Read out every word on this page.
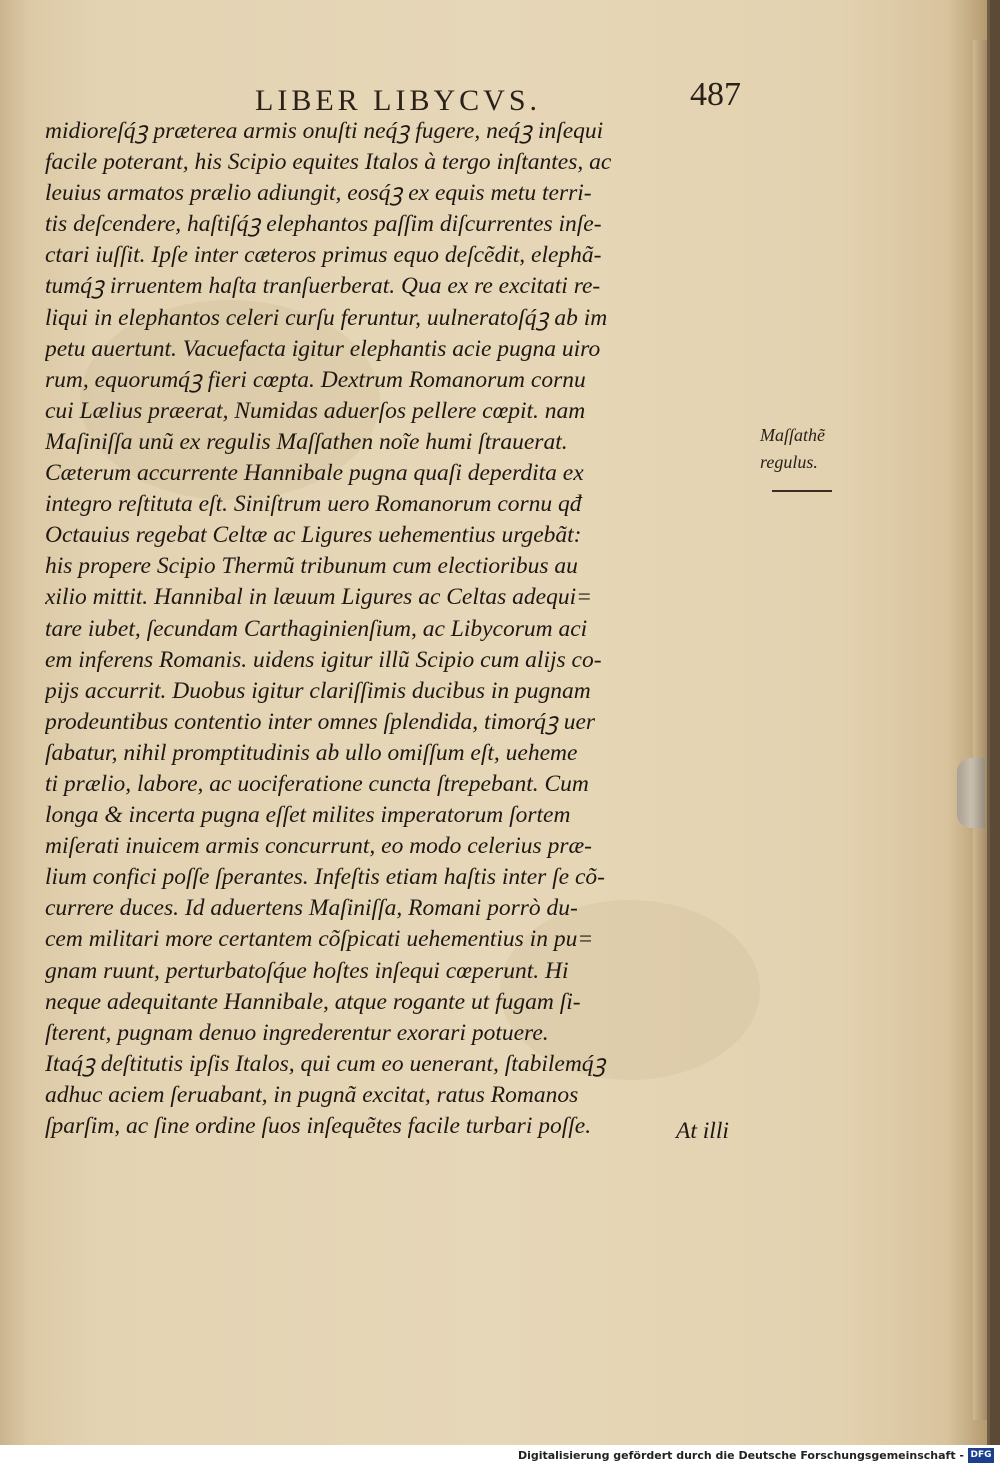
LIBER LIBYCVS.	487
midioreſq́ꝫ præterea armis onuſti neq́ꝫ fugere, neq́ꝫ inſequi
facile poterant, his Scipio equites Italos à tergo inſtantes, ac
leuius armatos prælio adiungit, eosq́ꝫ ex equis metu terri-
tis deſcendere, haſtiſq́ꝫ elephantos paſſim diſcurrentes inſe-
ctari iuſſit. Ipſe inter cæteros primus equo deſcẽdit, elephã-
tumq́ꝫ irruentem haſta tranſuerberat. Qua ex re excitati re-
liqui in elephantos celeri curſu feruntur, uulneratoſq́ꝫ ab im
petu auertunt. Vacuefacta igitur elephantis acie pugna uiro
rum, equorumq́ꝫ fieri cœpta. Dextrum Romanorum cornu
cui Lælius præerat, Numidas aduerſos pellere cœpit. nam
Maſiniſſa unũ ex regulis Maſſathen noĩe humi ſtrauerat.
Cæterum accurrente Hannibale pugna quaſi deperdita ex
integro reſtituta eſt. Siniſtrum uero Romanorum cornu qđ
Octauius regebat Celtæ ac Ligures uehementius urgebãt:
his propere Scipio Thermũ tribunum cum electioribus au
xilio mittit. Hannibal in læuum Ligures ac Celtas adequi=
tare iubet, ſecundam Carthaginienſium, ac Libycorum aci
em inferens Romanis. uidens igitur illũ Scipio cum alijs co-
pijs accurrit. Duobus igitur clariſſimis ducibus in pugnam
prodeuntibus contentio inter omnes ſplendida, timorq́ꝫ uer
ſabatur, nihil promptitudinis ab ullo omiſſum eſt, ueheme
ti prælio, labore, ac uociferatione cuncta ſtrepebant. Cum
longa & incerta pugna eſſet milites imperatorum ſortem
miſerati inuicem armis concurrunt, eo modo celerius præ-
lium confici poſſe ſperantes. Infeſtis etiam haſtis inter ſe cõ-
currere duces. Id aduertens Maſiniſſa, Romani porrò du-
cem militari more certantem cõſpicati uehementius in pu=
gnam ruunt, perturbatoſq́ue hoſtes inſequi cœperunt. Hi
neque adequitante Hannibale, atque rogante ut fugam ſi-
ſterent, pugnam denuo ingrederentur exorari potuere.
Itaq́ꝫ deſtitutis ipſis Italos, qui cum eo uenerant, ſtabilemq́ꝫ
adhuc aciem ſeruabant, in pugnã excitat, ratus Romanos
ſparſim, ac ſine ordine ſuos inſequẽtes facile turbari poſſe.	At illi
Maſſathẽ
regulus.
Digitalisierung gefördert durch die Deutsche Forschungsgemeinschaft - DFG
